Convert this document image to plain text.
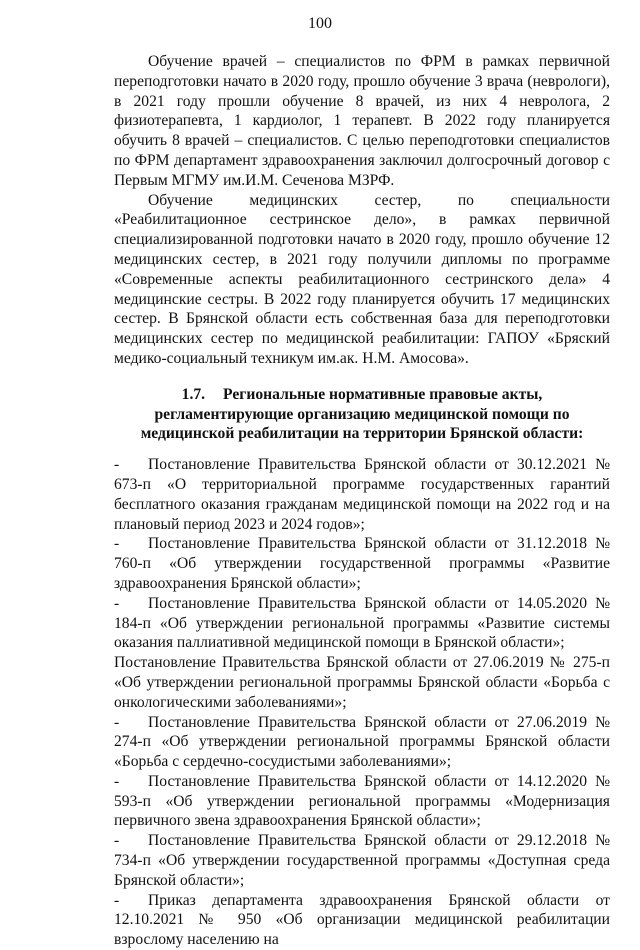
100

Обучение врачей – специалистов по ФРМ в рамках первичной переподготовки начато в 2020 году, прошло обучение 3 врача (неврологи), в 2021 году прошли обучение 8 врачей, из них 4 невролога, 2 физиотерапевта, 1 кардиолог, 1 терапевт. В 2022 году планируется обучить 8 врачей – специалистов. С целью переподготовки специалистов по ФРМ департамент здравоохранения заключил долгосрочный договор с Первым МГМУ им.И.М. Сеченова МЗРФ.

Обучение медицинских сестер, по специальности «Реабилитационное сестринское дело», в рамках первичной специализированной подготовки начато в 2020 году, прошло обучение 12 медицинских сестер, в 2021 году получили дипломы по программе «Современные аспекты реабилитационного сестринского дела» 4 медицинские сестры. В 2022 году планируется обучить 17 медицинских сестер. В Брянской области есть собственная база для переподготовки медицинских сестер по медицинской реабилитации: ГАПОУ «Бряский медико-социальный техникум им.ак. Н.М. Амосова».

1.7. Региональные нормативные правовые акты, регламентирующие организацию медицинской помощи по медицинской реабилитации на территории Брянской области:

- Постановление Правительства Брянской области от 30.12.2021 № 673-п «О территориальной программе государственных гарантий бесплатного оказания гражданам медицинской помощи на 2022 год и на плановый период 2023 и 2024 годов»;

- Постановление Правительства Брянской области от 31.12.2018 № 760-п «Об утверждении государственной программы «Развитие здравоохранения Брянской области»;

- Постановление Правительства Брянской области от 14.05.2020 № 184-п «Об утверждении региональной программы «Развитие системы оказания паллиативной медицинской помощи в Брянской области»;

Постановление Правительства Брянской области от 27.06.2019 № 275-п «Об утверждении региональной программы Брянской области «Борьба с онкологическими заболеваниями»;

- Постановление Правительства Брянской области от 27.06.2019 № 274-п «Об утверждении региональной программы Брянской области «Борьба с сердечно-сосудистыми заболеваниями»;

- Постановление Правительства Брянской области от 14.12.2020 № 593-п «Об утверждении региональной программы «Модернизация первичного звена здравоохранения Брянской области»;

- Постановление Правительства Брянской области от 29.12.2018 № 734-п «Об утверждении государственной программы «Доступная среда Брянской области»;

- Приказ департамента здравоохранения Брянской области от 12.10.2021 № 950 «Об организации медицинской реабилитации взрослому населению на
